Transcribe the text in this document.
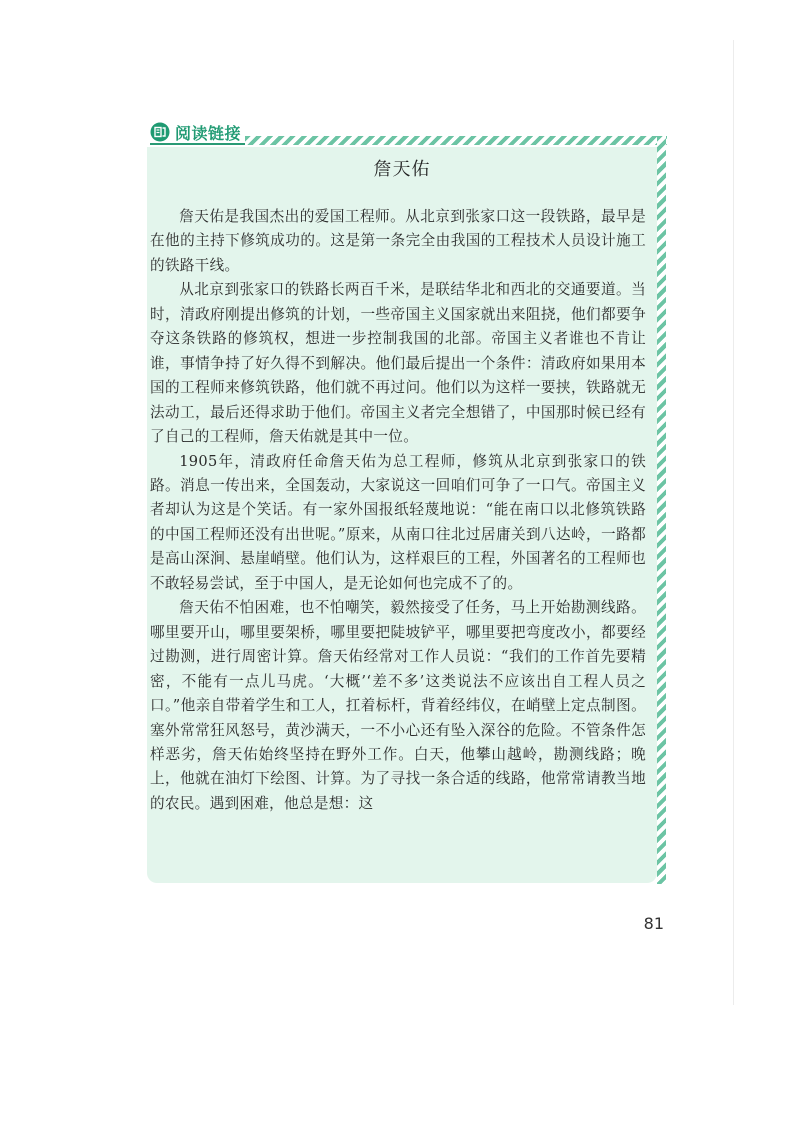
阅读链接
詹天佑

詹天佑是我国杰出的爱国工程师。从北京到张家口这一段铁路，最早是在他的主持下修筑成功的。这是第一条完全由我国的工程技术人员设计施工的铁路干线。

从北京到张家口的铁路长两百千米，是联结华北和西北的交通要道。当时，清政府刚提出修筑的计划，一些帝国主义国家就出来阻挠，他们都要争夺这条铁路的修筑权，想进一步控制我国的北部。帝国主义者谁也不肯让谁，事情争持了好久得不到解决。他们最后提出一个条件：清政府如果用本国的工程师来修筑铁路，他们就不再过问。他们以为这样一要挟，铁路就无法动工，最后还得求助于他们。帝国主义者完全想错了，中国那时候已经有了自己的工程师，詹天佑就是其中一位。

1905年，清政府任命詹天佑为总工程师，修筑从北京到张家口的铁路。消息一传出来，全国轰动，大家说这一回咱们可争了一口气。帝国主义者却认为这是个笑话。有一家外国报纸轻蔑地说：“能在南口以北修筑铁路的中国工程师还没有出世呢。”原来，从南口往北过居庸关到八达岭，一路都是高山深涧、悬崖峭壁。他们认为，这样艰巨的工程，外国著名的工程师也不敢轻易尝试，至于中国人，是无论如何也完成不了的。

詹天佑不怕困难，也不怕嘲笑，毅然接受了任务，马上开始勘测线路。哪里要开山，哪里要架桥，哪里要把陡坡铲平，哪里要把弯度改小，都要经过勘测，进行周密计算。詹天佑经常对工作人员说：“我们的工作首先要精密，不能有一点儿马虎。‘大概’‘差不多’这类说法不应该出自工程人员之口。”他亲自带着学生和工人，扛着标杆，背着经纬仪，在峭壁上定点制图。塞外常常狂风怒号，黄沙满天，一不小心还有坠入深谷的危险。不管条件怎样恶劣，詹天佑始终坚持在野外工作。白天，他攀山越岭，勘测线路；晚上，他就在油灯下绘图、计算。为了寻找一条合适的线路，他常常请教当地的农民。遇到困难，他总是想：这

81
